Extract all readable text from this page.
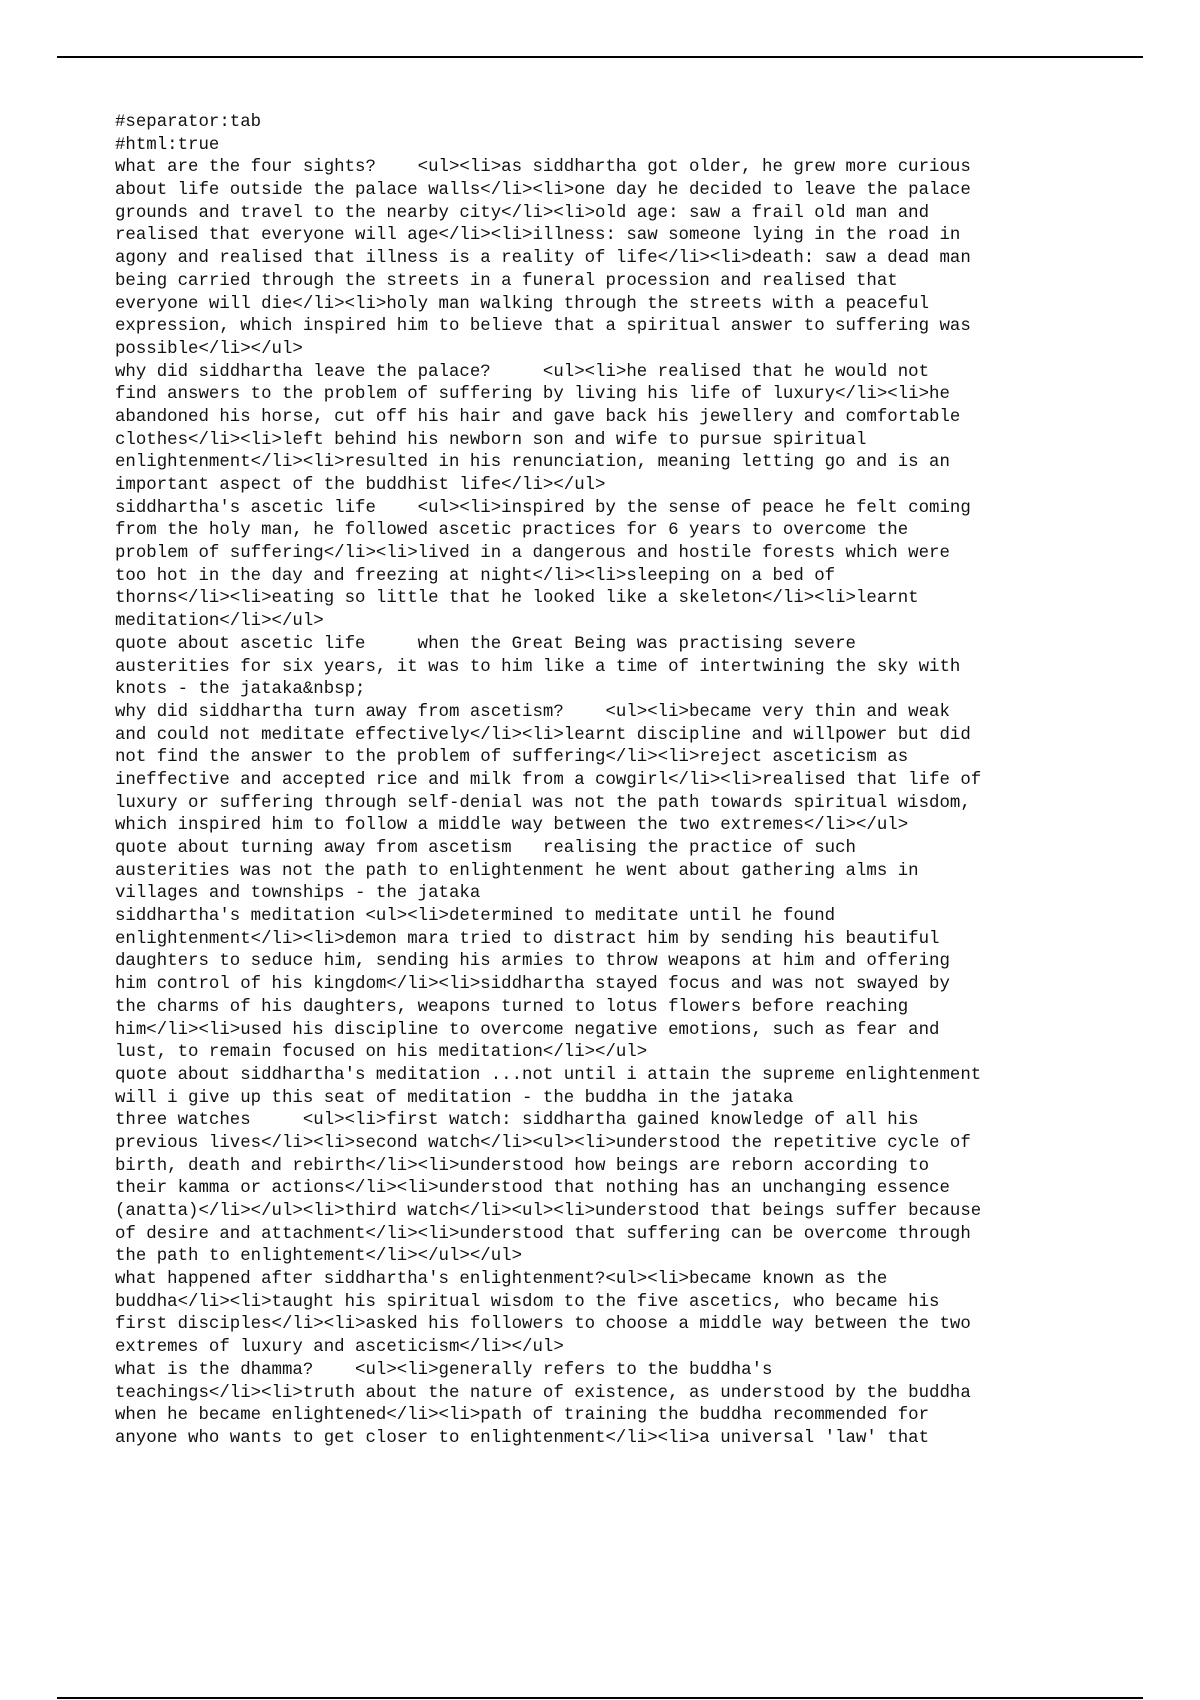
#separator:tab
#html:true
what are the four sights?    <ul><li>as siddhartha got older, he grew more curious
about life outside the palace walls</li><li>one day he decided to leave the palace
grounds and travel to the nearby city</li><li>old age: saw a frail old man and
realised that everyone will age</li><li>illness: saw someone lying in the road in
agony and realised that illness is a reality of life</li><li>death: saw a dead man
being carried through the streets in a funeral procession and realised that
everyone will die</li><li>holy man walking through the streets with a peaceful
expression, which inspired him to believe that a spiritual answer to suffering was
possible</li></ul>
why did siddhartha leave the palace?     <ul><li>he realised that he would not
find answers to the problem of suffering by living his life of luxury</li><li>he
abandoned his horse, cut off his hair and gave back his jewellery and comfortable
clothes</li><li>left behind his newborn son and wife to pursue spiritual
enlightenment</li><li>resulted in his renunciation, meaning letting go and is an
important aspect of the buddhist life</li></ul>
siddhartha's ascetic life    <ul><li>inspired by the sense of peace he felt coming
from the holy man, he followed ascetic practices for 6 years to overcome the
problem of suffering</li><li>lived in a dangerous and hostile forests which were
too hot in the day and freezing at night</li><li>sleeping on a bed of
thorns</li><li>eating so little that he looked like a skeleton</li><li>learnt
meditation</li></ul>
quote about ascetic life     when the Great Being was practising severe
austerities for six years, it was to him like a time of intertwining the sky with
knots - the jataka&nbsp;
why did siddhartha turn away from ascetism?    <ul><li>became very thin and weak
and could not meditate effectively</li><li>learnt discipline and willpower but did
not find the answer to the problem of suffering</li><li>reject asceticism as
ineffective and accepted rice and milk from a cowgirl</li><li>realised that life of
luxury or suffering through self-denial was not the path towards spiritual wisdom,
which inspired him to follow a middle way between the two extremes</li></ul>
quote about turning away from ascetism   realising the practice of such
austerities was not the path to enlightenment he went about gathering alms in
villages and townships - the jataka
siddhartha's meditation <ul><li>determined to meditate until he found
enlightenment</li><li>demon mara tried to distract him by sending his beautiful
daughters to seduce him, sending his armies to throw weapons at him and offering
him control of his kingdom</li><li>siddhartha stayed focus and was not swayed by
the charms of his daughters, weapons turned to lotus flowers before reaching
him</li><li>used his discipline to overcome negative emotions, such as fear and
lust, to remain focused on his meditation</li></ul>
quote about siddhartha's meditation ...not until i attain the supreme enlightenment
will i give up this seat of meditation - the buddha in the jataka
three watches     <ul><li>first watch: siddhartha gained knowledge of all his
previous lives</li><li>second watch</li><ul><li>understood the repetitive cycle of
birth, death and rebirth</li><li>understood how beings are reborn according to
their kamma or actions</li><li>understood that nothing has an unchanging essence
(anatta)</li></ul><li>third watch</li><ul><li>understood that beings suffer because
of desire and attachment</li><li>understood that suffering can be overcome through
the path to enlightement</li></ul></ul>
what happened after siddhartha's enlightenment?<ul><li>became known as the
buddha</li><li>taught his spiritual wisdom to the five ascetics, who became his
first disciples</li><li>asked his followers to choose a middle way between the two
extremes of luxury and asceticism</li></ul>
what is the dhamma?    <ul><li>generally refers to the buddha's
teachings</li><li>truth about the nature of existence, as understood by the buddha
when he became enlightened</li><li>path of training the buddha recommended for
anyone who wants to get closer to enlightenment</li><li>a universal 'law' that
